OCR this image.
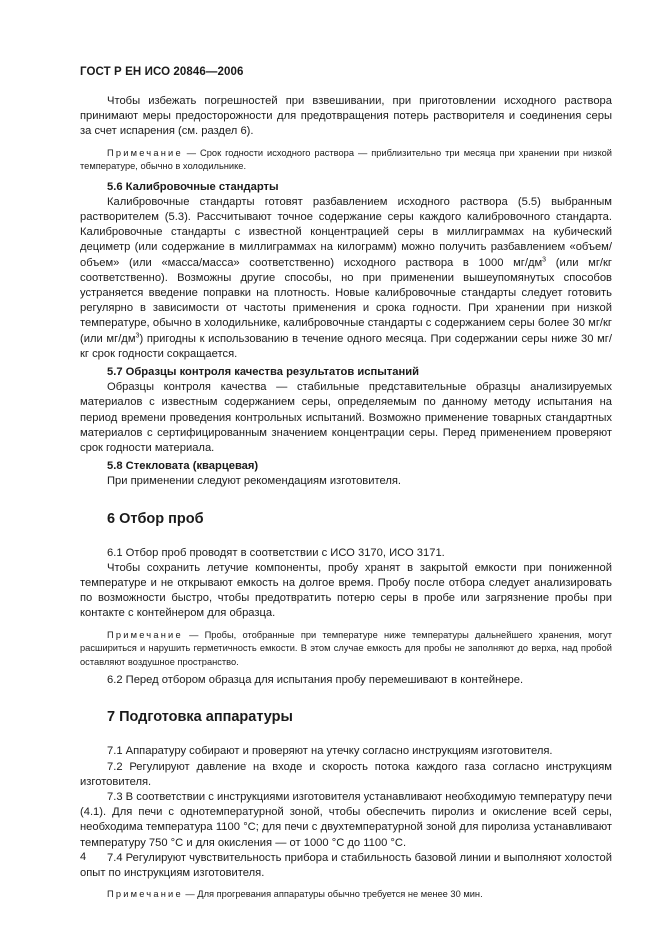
ГОСТ Р ЕН ИСО 20846—2006

Чтобы избежать погрешностей при взвешивании, при приготовлении исходного раствора принимают меры предосторожности для предотвращения потерь растворителя и соединения серы за счет испарения (см. раздел 6).

Примечание — Срок годности исходного раствора — приблизительно три месяца при хранении при низкой температуре, обычно в холодильнике.

5.6 Калибровочные стандарты

Калибровочные стандарты готовят разбавлением исходного раствора (5.5) выбранным растворителем (5.3). Рассчитывают точное содержание серы каждого калибровочного стандарта. Калибровочные стандарты с известной концентрацией серы в миллиграммах на кубический дециметр (или содержание в миллиграммах на килограмм) можно получить разбавлением «объем/объем» (или «масса/масса» соответственно) исходного раствора в 1000 $мг/дм^3$ (или мг/кг соответственно). Возможны другие способы, но при применении вышеупомянутых способов устраняется введение поправки на плотность. Новые калибровочные стандарты следует готовить регулярно в зависимости от частоты применения и срока годности. При хранении при низкой температуре, обычно в холодильнике, калибровочные стандарты с содержанием серы более 30 мг/кг (или $мг/дм^3$) пригодны к использованию в течение одного месяца. При содержании серы ниже 30 мг/кг срок годности сокращается.

5.7 Образцы контроля качества результатов испытаний

Образцы контроля качества — стабильные представительные образцы анализируемых материалов с известным содержанием серы, определяемым по данному методу испытания на период времени проведения контрольных испытаний. Возможно применение товарных стандартных материалов с сертифицированным значением концентрации серы. Перед применением проверяют срок годности материала.

5.8 Стекловата (кварцевая)

При применении следуют рекомендациям изготовителя.

6 Отбор проб

6.1 Отбор проб проводят в соответствии с ИСО 3170, ИСО 3171.

Чтобы сохранить летучие компоненты, пробу хранят в закрытой емкости при пониженной температуре и не открывают емкость на долгое время. Пробу после отбора следует анализировать по возможности быстро, чтобы предотвратить потерю серы в пробе или загрязнение пробы при контакте с контейнером для образца.

Примечание — Пробы, отобранные при температуре ниже температуры дальнейшего хранения, могут расшириться и нарушить герметичность емкости. В этом случае емкость для пробы не заполняют до верха, над пробой оставляют воздушное пространство.

6.2 Перед отбором образца для испытания пробу перемешивают в контейнере.

7 Подготовка аппаратуры

7.1 Аппаратуру собирают и проверяют на утечку согласно инструкциям изготовителя.

7.2 Регулируют давление на входе и скорость потока каждого газа согласно инструкциям изготовителя.

7.3 В соответствии с инструкциями изготовителя устанавливают необходимую температуру печи (4.1). Для печи с однотемпературной зоной, чтобы обеспечить пиролиз и окисление всей серы, необходима температура 1100 °С; для печи с двухтемпературной зоной для пиролиза устанавливают температуру 750 °С и для окисления — от 1000 °С до 1100 °С.

7.4 Регулируют чувствительность прибора и стабильность базовой линии и выполняют холостой опыт по инструкциям изготовителя.

Примечание — Для прогревания аппаратуры обычно требуется не менее 30 мин.

4
